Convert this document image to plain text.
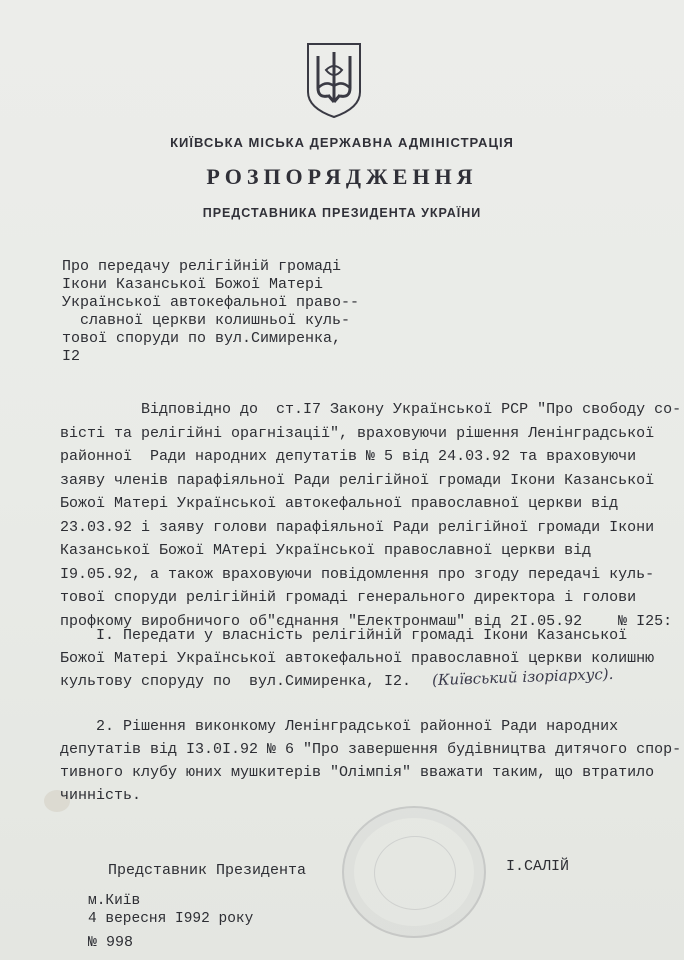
КИЇВСЬКА МІСЬКА ДЕРЖАВНА АДМІНІСТРАЦІЯ
РОЗПОРЯДЖЕННЯ
ПРЕДСТАВНИКА ПРЕЗИДЕНТА УКРАЇНИ
Про передачу релігійній громаді
Ікони Казанської Божої Матері
Української автокефальної право--
славної церкви колишньої куль-
тової споруди по вул.Симиренка,
I2
Відповідно до  ст.I7 Закону Української РСР "Про свободу со-
вісті та релігійні орагнізації", враховуючи рішення Ленінградської
районної  Ради народних депутатів № 5 від 24.03.92 та враховуючи
заяву членів парафіяльної Ради релігійної громади Ікони Казанської
Божої Матері Української автокефальної православної церкви від
23.03.92 і заяву голови парафіяльної Ради релігійної громади Ікони
Казанської Божої МАтері Української православної церкви від
I9.05.92, а також враховуючи повідомлення про згоду передачі куль-
тової споруди релігійній громаді генерального директора і голови
профкому виробничого об"єднання "Електронмаш" від 2I.05.92    № I25:
I. Передати у власність релігійній громаді Ікони Казанської
Божої Матері Української автокефальної православної церкви колишню
культову споруду по  вул.Симиренка, I2.	(Київський ізоріархус).
2. Рішення виконкому Ленінградської районної Ради народних
депутатів від I3.0I.92 № 6 "Про завершення будівництва дитячого спор-
тивного клубу юних мушкитерів "Олімпія" вважати таким, що втратило
чинність.
Представник Президента	І.САЛІЙ
м.Київ
4 вересня I992 року
№ 998
